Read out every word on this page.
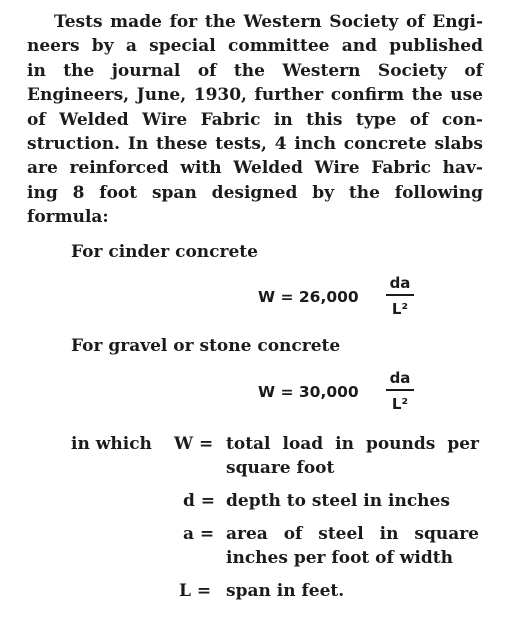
Tests made for the Western Society of Engi-
neers by a special committee and published
in the journal of the Western Society of
Engineers, June, 1930, further confirm the use
of Welded Wire Fabric in this type of con-
struction. In these tests, 4 inch concrete slabs
are reinforced with Welded Wire Fabric hav-
ing 8 foot span designed by the following
formula:
For cinder concrete
W = 26,000
da
L²
For gravel or stone concrete
W = 30,000
da
L²
in which W = total load in pounds per
square foot
d = depth to steel in inches
a = area of steel in square
inches per foot of width
L = span in feet.
